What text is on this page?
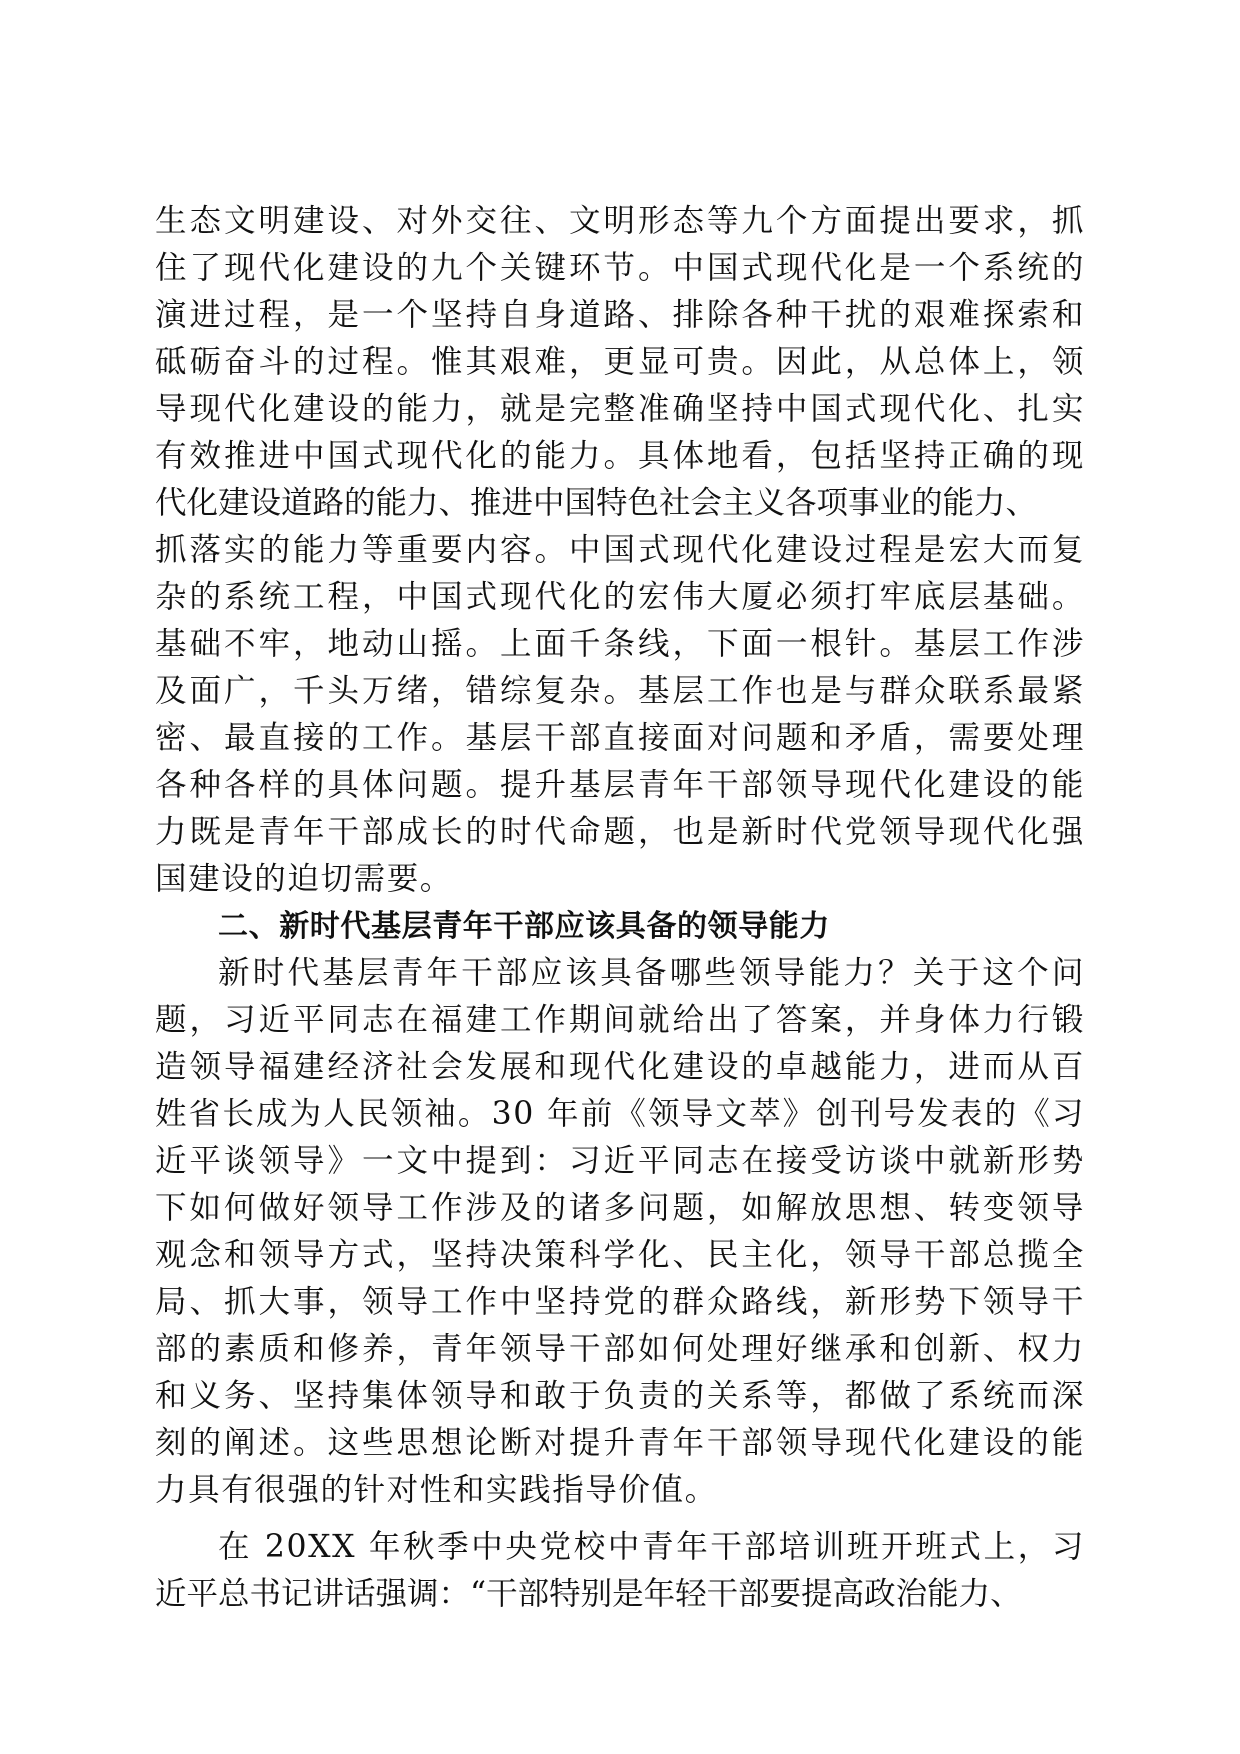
生态文明建设、对外交往、文明形态等九个方面提出要求，抓
住了现代化建设的九个关键环节。中国式现代化是一个系统的
演进过程，是一个坚持自身道路、排除各种干扰的艰难探索和
砥砺奋斗的过程。惟其艰难，更显可贵。因此，从总体上，领
导现代化建设的能力，就是完整准确坚持中国式现代化、扎实
有效推进中国式现代化的能力。具体地看，包括坚持正确的现
代化建设道路的能力、推进中国特色社会主义各项事业的能力、
抓落实的能力等重要内容。中国式现代化建设过程是宏大而复
杂的系统工程，中国式现代化的宏伟大厦必须打牢底层基础。
基础不牢，地动山摇。上面千条线，下面一根针。基层工作涉
及面广，千头万绪，错综复杂。基层工作也是与群众联系最紧
密、最直接的工作。基层干部直接面对问题和矛盾，需要处理
各种各样的具体问题。提升基层青年干部领导现代化建设的能
力既是青年干部成长的时代命题，也是新时代党领导现代化强
国建设的迫切需要。
二、新时代基层青年干部应该具备的领导能力
新时代基层青年干部应该具备哪些领导能力？关于这个问
题，习近平同志在福建工作期间就给出了答案，并身体力行锻
造领导福建经济社会发展和现代化建设的卓越能力，进而从百
姓省长成为人民领袖。30 年前《领导文萃》创刊号发表的《习
近平谈领导》一文中提到：习近平同志在接受访谈中就新形势
下如何做好领导工作涉及的诸多问题，如解放思想、转变领导
观念和领导方式，坚持决策科学化、民主化，领导干部总揽全
局、抓大事，领导工作中坚持党的群众路线，新形势下领导干
部的素质和修养，青年领导干部如何处理好继承和创新、权力
和义务、坚持集体领导和敢于负责的关系等，都做了系统而深
刻的阐述。这些思想论断对提升青年干部领导现代化建设的能
力具有很强的针对性和实践指导价值。
在 20XX 年秋季中央党校中青年干部培训班开班式上，习
近平总书记讲话强调：“干部特别是年轻干部要提高政治能力、
